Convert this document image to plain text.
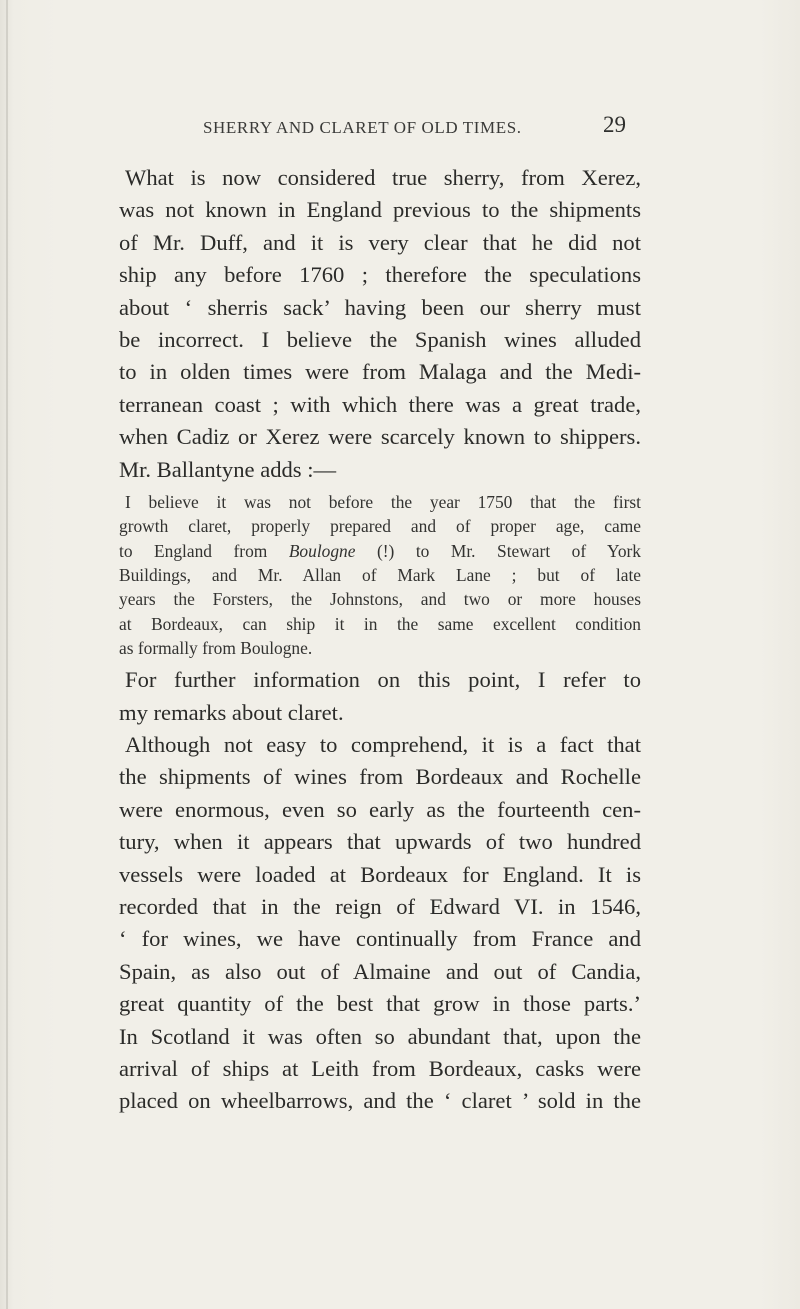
SHERRY AND CLARET OF OLD TIMES.	29
What is now considered true sherry, from Xerez,
was not known in England previous to the shipments
of Mr. Duff, and it is very clear that he did not
ship any before 1760 ; therefore the speculations
about ‘ sherris sack’ having been our sherry must
be incorrect. I believe the Spanish wines alluded
to in olden times were from Malaga and the Medi-
terranean coast ; with which there was a great trade,
when Cadiz or Xerez were scarcely known to shippers.
Mr. Ballantyne adds :—
I believe it was not before the year 1750 that the first
growth claret, properly prepared and of proper age, came
to England from Boulogne (!) to Mr. Stewart of York
Buildings, and Mr. Allan of Mark Lane ; but of late
years the Forsters, the Johnstons, and two or more houses
at Bordeaux, can ship it in the same excellent condition
as formally from Boulogne.
For further information on this point, I refer to
my remarks about claret.
Although not easy to comprehend, it is a fact that
the shipments of wines from Bordeaux and Rochelle
were enormous, even so early as the fourteenth cen-
tury, when it appears that upwards of two hundred
vessels were loaded at Bordeaux for England. It is
recorded that in the reign of Edward VI. in 1546,
‘ for wines, we have continually from France and
Spain, as also out of Almaine and out of Candia,
great quantity of the best that grow in those parts.’
In Scotland it was often so abundant that, upon the
arrival of ships at Leith from Bordeaux, casks were
placed on wheelbarrows, and the ‘ claret ’ sold in the
